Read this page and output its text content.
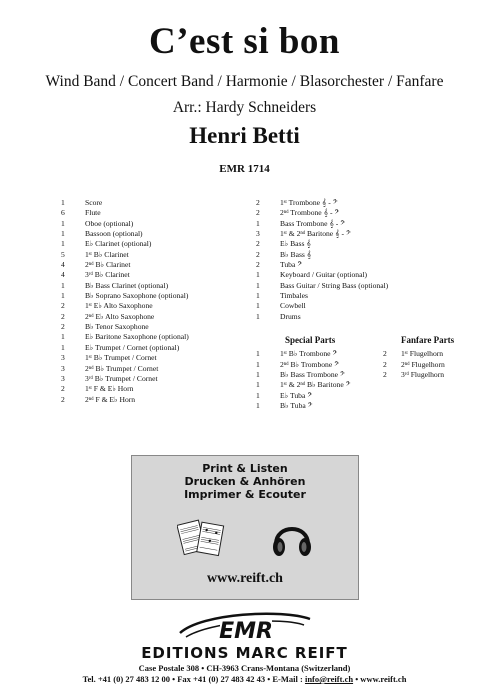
C’est si bon
Wind Band / Concert Band / Harmonie / Blasorchester / Fanfare
Arr.: Hardy Schneiders
Henri Betti
EMR 1714
1	Score
6	Flute
1	Oboe (optional)
1	Bassoon (optional)
1	E♭ Clarinet (optional)
5	1ˢᵗ B♭ Clarinet
4	2ⁿᵈ B♭ Clarinet
4	3ʳᵈ B♭ Clarinet
1	B♭ Bass Clarinet (optional)
1	B♭ Soprano Saxophone (optional)
2	1ˢᵗ E♭ Alto Saxophone
2	2ⁿᵈ E♭ Alto Saxophone
2	B♭ Tenor Saxophone
1	E♭ Baritone Saxophone (optional)
1	E♭ Trumpet / Cornet (optional)
3	1ˢᵗ B♭ Trumpet / Cornet
3	2ⁿᵈ B♭ Trumpet / Cornet
3	3ʳᵈ B♭ Trumpet / Cornet
2	1ˢᵗ F & E♭ Horn
2	2ⁿᵈ F & E♭ Horn
2	1ˢᵗ Trombone 𝄞 - 𝄢
2	2ⁿᵈ Trombone 𝄞 - 𝄢
1	Bass Trombone 𝄞 - 𝄢
3	1ˢᵗ & 2ⁿᵈ Baritone 𝄞 - 𝄢
2	E♭ Bass 𝄞
2	B♭ Bass 𝄞
2	Tuba 𝄢
1	Keyboard / Guitar (optional)
1	Bass Guitar / String Bass (optional)
1	Timbales
1	Cowbell
1	Drums
Special Parts
1	1ˢᵗ B♭ Trombone 𝄢
1	2ⁿᵈ B♭ Trombone 𝄢
1	B♭ Bass Trombone 𝄢
1	1ˢᵗ & 2ⁿᵈ B♭ Baritone 𝄢
1	E♭ Tuba 𝄢
1	B♭ Tuba 𝄢
Fanfare Parts
2	1ˢᵗ Flugelhorn
2	2ⁿᵈ Flugelhorn
2	3ʳᵈ Flugelhorn
Print & Listen
Drucken & Anhören
Imprimer & Ecouter
www.reift.ch
EMR
EDITIONS MARC REIFT
Case Postale 308 • CH-3963 Crans-Montana (Switzerland)
Tel. +41 (0) 27 483 12 00 • Fax +41 (0) 27 483 42 43 • E-Mail : info@reift.ch • www.reift.ch
